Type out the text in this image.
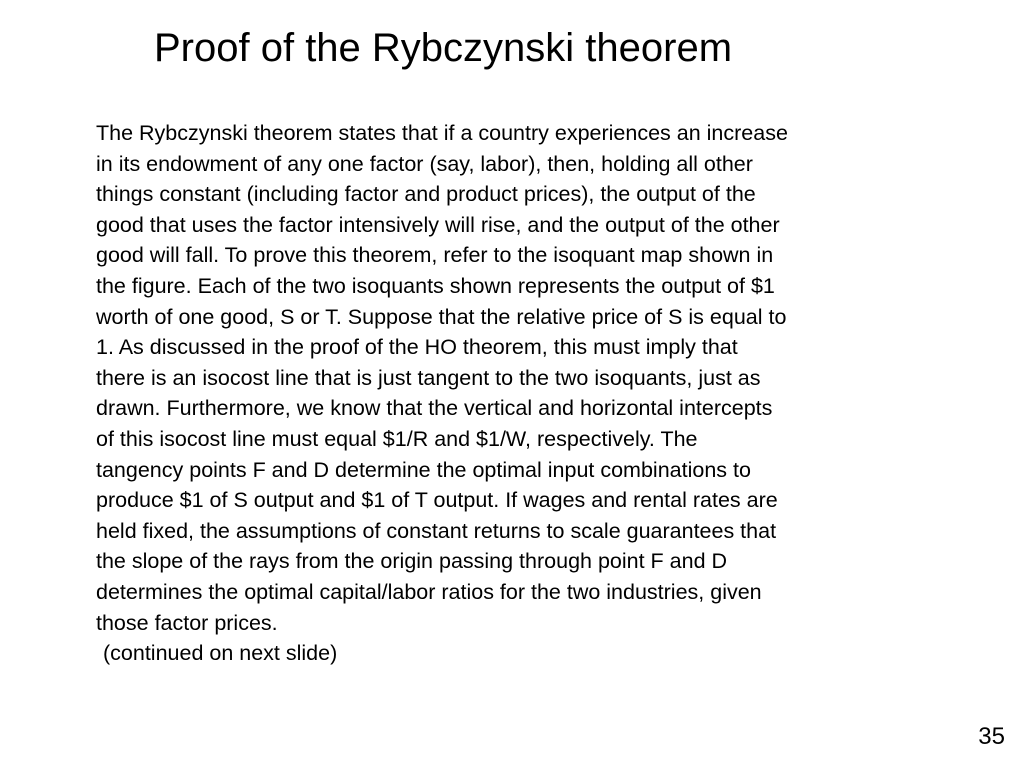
Proof of the Rybczynski theorem

The Rybczynski theorem states that if a country experiences an increase
in its endowment of any one factor (say, labor), then, holding all other
things constant (including factor and product prices), the output of the
good that uses the factor intensively will rise, and the output of the other
good will fall. To prove this theorem, refer to the isoquant map shown in
the figure. Each of the two isoquants shown represents the output of $1
worth of one good, S or T. Suppose that the relative price of S is equal to
1. As discussed in the proof of the HO theorem, this must imply that
there is an isocost line that is just tangent to the two isoquants, just as
drawn. Furthermore, we know that the vertical and horizontal intercepts
of this isocost line must equal $1/R and $1/W, respectively. The
tangency points F and D determine the optimal input combinations to
produce $1 of S output and $1 of T output. If wages and rental rates are
held fixed, the assumptions of constant returns to scale guarantees that
the slope of the rays from the origin passing through point F and D
determines the optimal capital/labor ratios for the two industries, given
those factor prices.
(continued on next slide)

35
